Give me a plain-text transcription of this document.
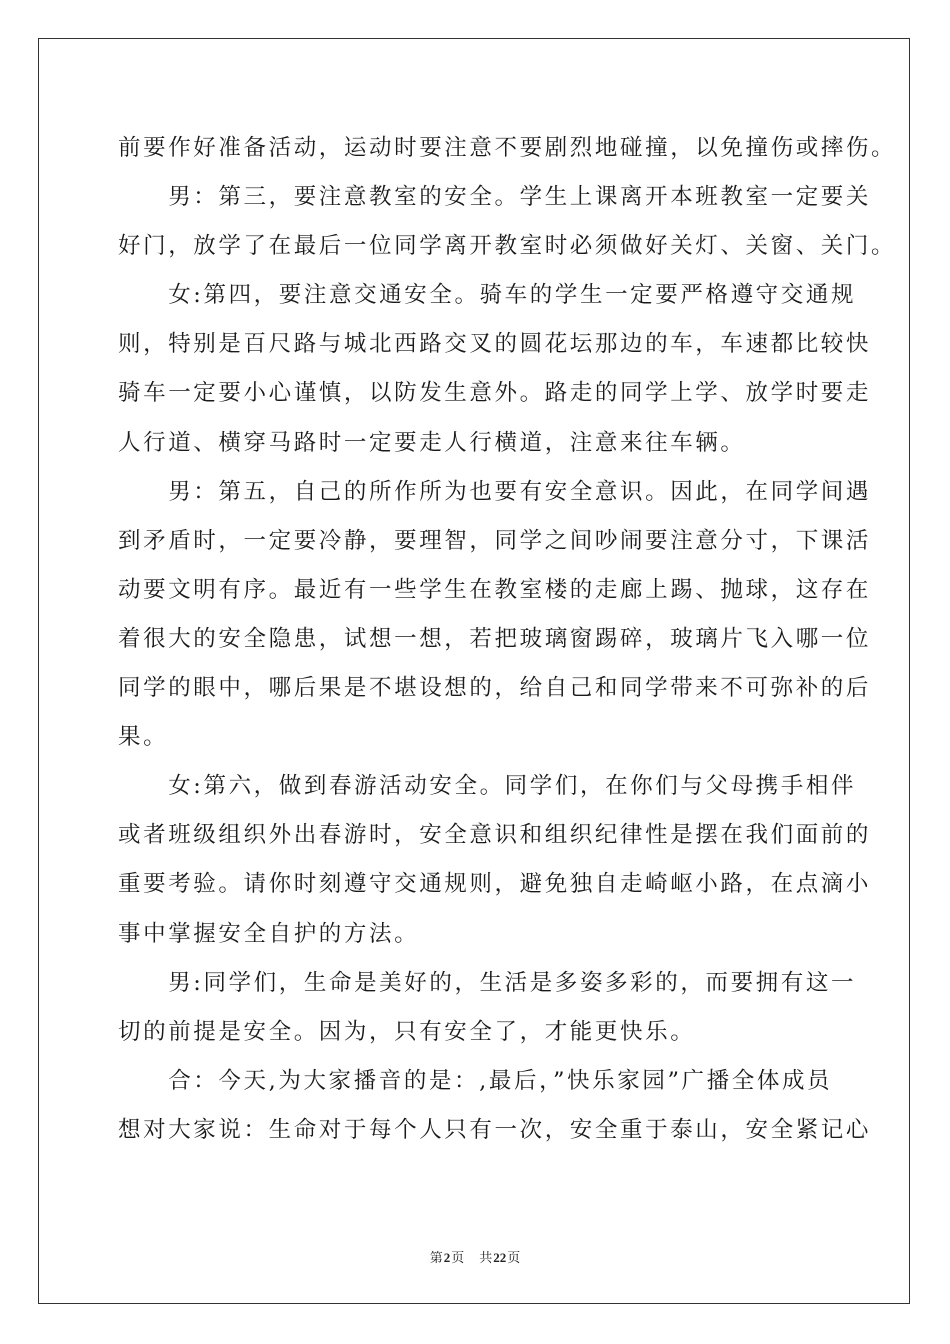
前要作好准备活动，运动时要注意不要剧烈地碰撞，以免撞伤或摔伤。
　　男：第三，要注意教室的安全。学生上课离开本班教室一定要关
好门，放学了在最后一位同学离开教室时必须做好关灯、关窗、关门。
　　女:第四，要注意交通安全。骑车的学生一定要严格遵守交通规
则，特别是百尺路与城北西路交叉的圆花坛那边的车，车速都比较快
骑车一定要小心谨慎，以防发生意外。路走的同学上学、放学时要走
人行道、横穿马路时一定要走人行横道，注意来往车辆。
　　男：第五，自己的所作所为也要有安全意识。因此，在同学间遇
到矛盾时，一定要冷静，要理智，同学之间吵闹要注意分寸，下课活
动要文明有序。最近有一些学生在教室楼的走廊上踢、抛球，这存在
着很大的安全隐患，试想一想，若把玻璃窗踢碎，玻璃片飞入哪一位
同学的眼中，哪后果是不堪设想的，给自己和同学带来不可弥补的后
果。
　　女:第六，做到春游活动安全。同学们，在你们与父母携手相伴
或者班级组织外出春游时，安全意识和组织纪律性是摆在我们面前的
重要考验。请你时刻遵守交通规则，避免独自走崎岖小路，在点滴小
事中掌握安全自护的方法。
　　男:同学们，生命是美好的，生活是多姿多彩的，而要拥有这一
切的前提是安全。因为，只有安全了，才能更快乐。
　　合：今天,为大家播音的是：,最后，”快乐家园”广播全体成员
想对大家说：生命对于每个人只有一次，安全重于泰山，安全紧记心
第2页 共22页
